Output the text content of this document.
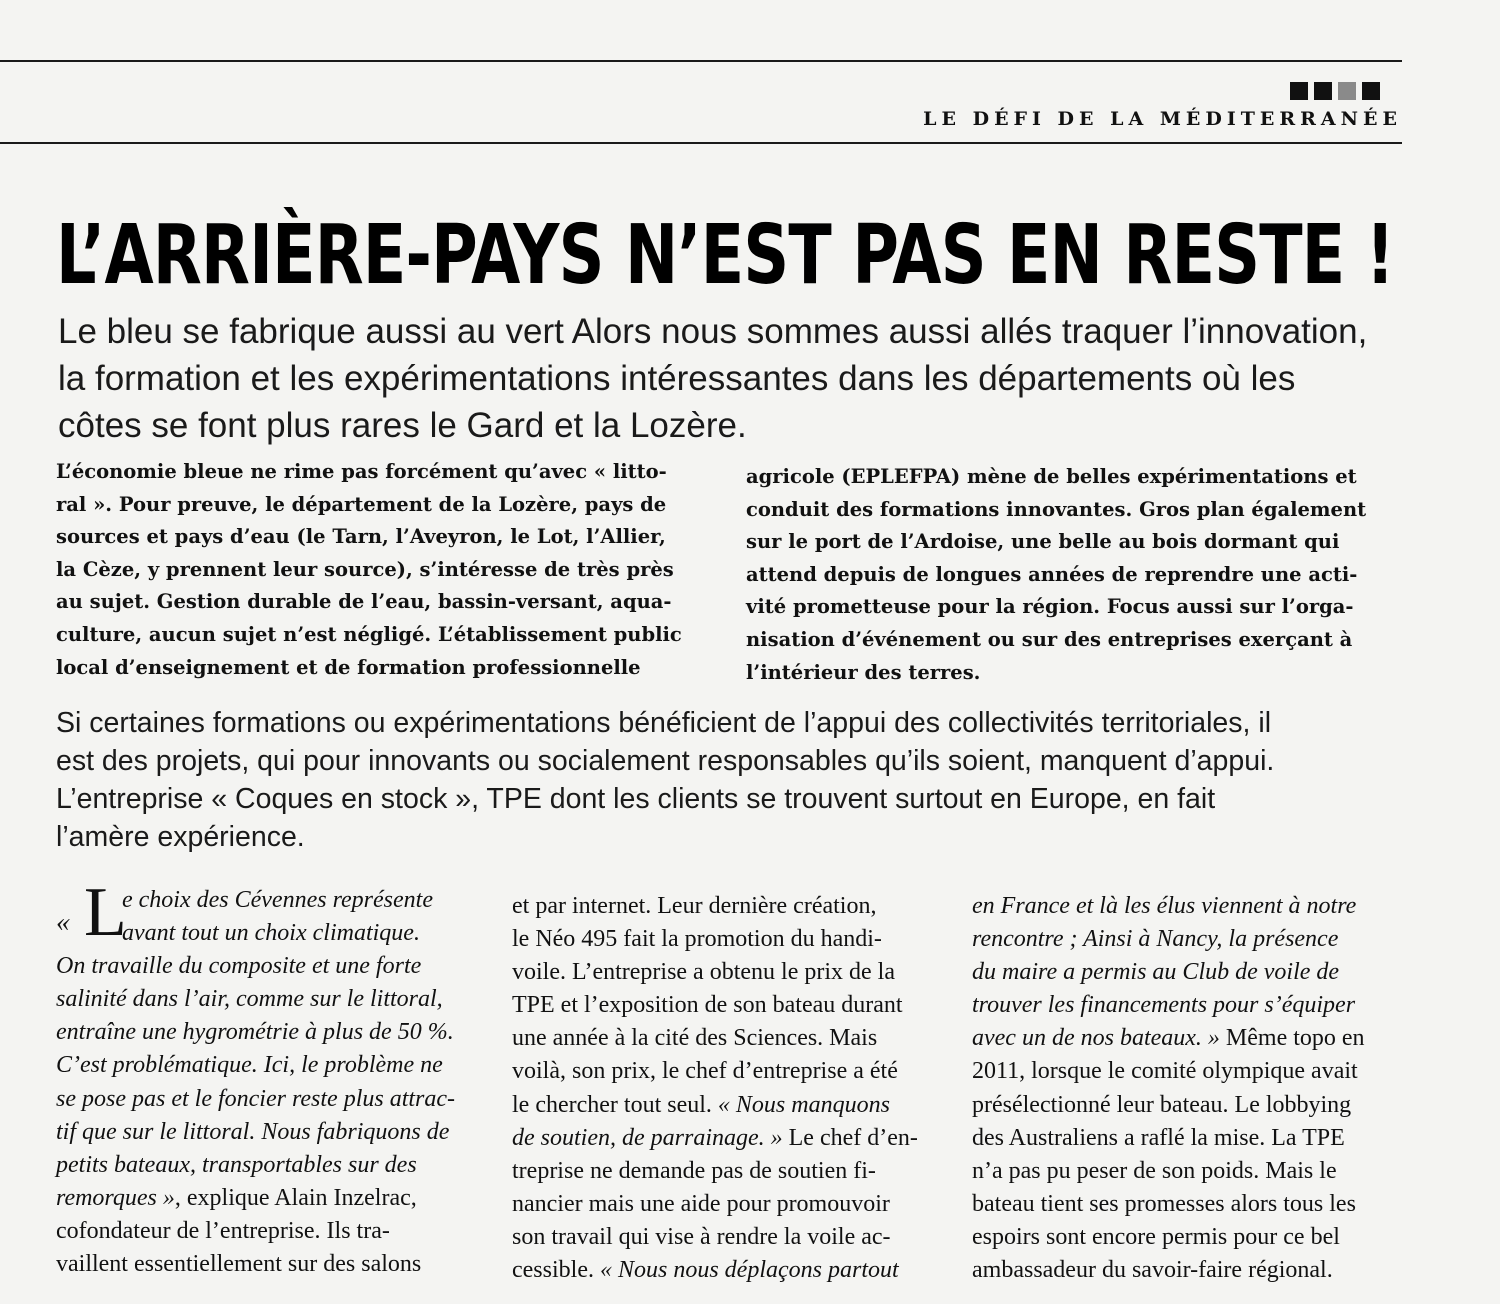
LE DÉFI DE LA MÉDITERRANÉE
L’ARRIÈRE-PAYS N’EST PAS EN RESTE !
Le bleu se fabrique aussi au vert Alors nous sommes aussi allés traquer l’innovation,
la formation et les expérimentations intéressantes dans les départements où les
côtes se font plus rares le Gard et la Lozère.
L’économie bleue ne rime pas forcément qu’avec « litto-
ral ». Pour preuve, le département de la Lozère, pays de
sources et pays d’eau (le Tarn, l’Aveyron, le Lot, l’Allier,
la Cèze, y prennent leur source), s’intéresse de très près
au sujet. Gestion durable de l’eau, bassin-versant, aqua-
culture, aucun sujet n’est négligé. L’établissement public
local d’enseignement et de formation professionnelle
agricole (EPLEFPA) mène de belles expérimentations et
conduit des formations innovantes. Gros plan également
sur le port de l’Ardoise, une belle au bois dormant qui
attend depuis de longues années de reprendre une acti-
vité prometteuse pour la région. Focus aussi sur l’orga-
nisation d’événement ou sur des entreprises exerçant à
l’intérieur des terres.
Si certaines formations ou expérimentations bénéficient de l’appui des collectivités territoriales, il
est des projets, qui pour innovants ou socialement responsables qu’ils soient, manquent d’appui.
L’entreprise « Coques en stock », TPE dont les clients se trouvent surtout en Europe, en fait
l’amère expérience.
« L
e choix des Cévennes représente
avant tout un choix climatique.
On travaille du composite et une forte
salinité dans l’air, comme sur le littoral,
entraîne une hygrométrie à plus de 50 %.
C’est problématique. Ici, le problème ne
se pose pas et le foncier reste plus attrac-
tif que sur le littoral. Nous fabriquons de
petits bateaux, transportables sur des
remorques », explique Alain Inzelrac,
cofondateur de l’entreprise. Ils tra-
vaillent essentiellement sur des salons
et par internet. Leur dernière création,
le Néo 495 fait la promotion du handi-
voile. L’entreprise a obtenu le prix de la
TPE et l’exposition de son bateau durant
une année à la cité des Sciences. Mais
voilà, son prix, le chef d’entreprise a été
le chercher tout seul. « Nous manquons
de soutien, de parrainage. » Le chef d’en-
treprise ne demande pas de soutien fi-
nancier mais une aide pour promouvoir
son travail qui vise à rendre la voile ac-
cessible. « Nous nous déplaçons partout
en France et là les élus viennent à notre
rencontre ; Ainsi à Nancy, la présence
du maire a permis au Club de voile de
trouver les financements pour s’équiper
avec un de nos bateaux. » Même topo en
2011, lorsque le comité olympique avait
présélectionné leur bateau. Le lobbying
des Australiens a raflé la mise. La TPE
n’a pas pu peser de son poids. Mais le
bateau tient ses promesses alors tous les
espoirs sont encore permis pour ce bel
ambassadeur du savoir-faire régional.
